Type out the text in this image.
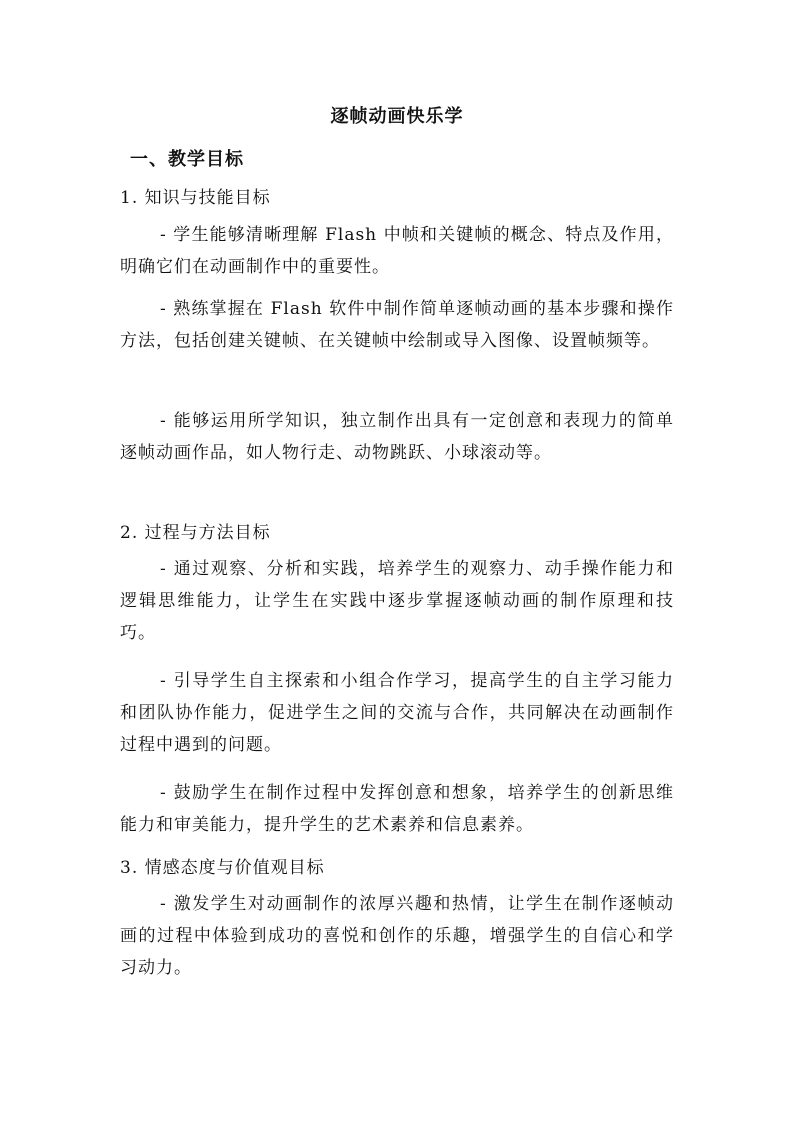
逐帧动画快乐学
一、教学目标
1. 知识与技能目标
- 学生能够清晰理解 Flash 中帧和关键帧的概念、特点及作用，明确它们在动画制作中的重要性。
- 熟练掌握在 Flash 软件中制作简单逐帧动画的基本步骤和操作方法，包括创建关键帧、在关键帧中绘制或导入图像、设置帧频等。
- 能够运用所学知识，独立制作出具有一定创意和表现力的简单逐帧动画作品，如人物行走、动物跳跃、小球滚动等。
2. 过程与方法目标
- 通过观察、分析和实践，培养学生的观察力、动手操作能力和逻辑思维能力，让学生在实践中逐步掌握逐帧动画的制作原理和技巧。
- 引导学生自主探索和小组合作学习，提高学生的自主学习能力和团队协作能力，促进学生之间的交流与合作，共同解决在动画制作过程中遇到的问题。
- 鼓励学生在制作过程中发挥创意和想象，培养学生的创新思维能力和审美能力，提升学生的艺术素养和信息素养。
3. 情感态度与价值观目标
- 激发学生对动画制作的浓厚兴趣和热情，让学生在制作逐帧动画的过程中体验到成功的喜悦和创作的乐趣，增强学生的自信心和学习动力。
